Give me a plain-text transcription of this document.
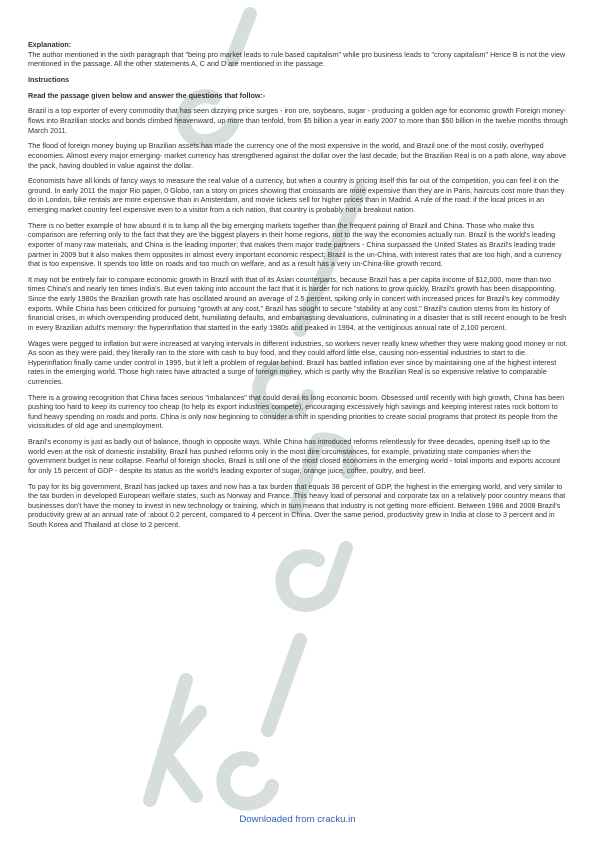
Explanation:

The author mentioned in the sixth paragraph that "being pro market leads to rule based capitalism" while pro business leads to "crony capitalism" Hence B is not the view mentioned in the passage. All the other statements A, C and D are mentioned in the passage.

Instructions

Read the passage given below and answer the questions that follow:-

Brazil is a top exporter of every commodity that has seen dizzying price surges - iron ore, soybeans, sugar - producing a golden age for economic growth Foreign money-flows into Brazilian stocks and bonds climbed heavenward, up more than tenfold, from $5 billion a year in early 2007 to more than $50 billion in the twelve months through March 2011.

The flood of foreign money buying up Brazilian assets has made the currency one of the most expensive in the world, and Brazil one of the most costly, overhyped economies. Almost every major emerging- market currency has strengthened against the dollar over the last decade, but the Brazilian Real is on a path alone, way above the pack, having doubled in value against the dollar.

Economists have all kinds of fancy ways to measure the real value of a currency, but when a country is pricing itself this far out of the competition, you can feel it on the ground. In early 2011 the major Rio paper, 0 Globo, ran a story on prices showing that croissants are more expensive than they are in Paris, haircuts cost more than they do in London, bike rentals are more expensive than in Amsterdam, and movie tickets sell for higher prices than in Madrid. A rule of the road: if the local prices in an emerging market country feel expensive even to a visitor from a rich nation, that country is probably not a breakout nation.

There is no better example of how absurd it is to lump all the big emerging markets together than the frequent pairing of Brazil and China. Those who make this comparison are referring only to the fact that they are the biggest players in their home regions, not to the way the economies actually run. Brazil is the world's leading exporter of many raw materials, and China is the leading importer; that makes them major trade partners - China surpassed the United States as Brazil's leading trade partner in 2009 but it also makes them opposites in almost every important economic respect: Brazil is the un-China, with interest rates that are too high, and a currency that is too expensive. It spends too little on roads and too much on welfare, and as a result has a very un-China-like growth record.

It may not be entirely fair to compare economic growth in Brazil with that of its Asian counterparts, because Brazil has a per capita income of $12,000, more than two times China's and nearly ten times India's. But even taking into account the fact that it is harder for rich nations to grow quickly, Brazil's growth has been disappointing. Since the early 1980s the Brazilian growth rate has oscillated around an average of 2.5 percent, spiking only in concert with increased prices for Brazil's key commodity exports. While China has been criticized for pursuing "growth at any cost," Brazil has sought to secure "stability at any cost." Brazil's caution stems from its history of financial crises, in which overspending produced debt, humiliating defaults, and embarrassing devaluations, culminating in a disaster that is still recent enough to be fresh in every Brazilian adult's memory: the hyperinflation that started in the early 1980s and peaked in 1994, at the vertiginous annual rate of 2,100 percent.

Wages were pegged to inflation but were increased at varying intervals in different industries, so workers never really knew whether they were making good money or not. As soon as they were paid, they literally ran to the store with cash to buy food, and they could afford little else, causing non-essential industries to start to die. Hyperinflation finally came under control in 1995, but it left a problem of regular behind. Brazil has battled inflation ever since by maintaining one of the highest interest rates in the emerging world. Those high rates have attracted a surge of foreign money, which is partly why the Brazilian Real is so expensive relative to comparable currencies.

There is a growing recognition that China faces serious "imbalances" that could derail its long economic boom. Obsessed until recently with high growth, China has been pushing too hard to keep its currency too cheap (to help its export industries compete), encouraging excessively high savings and keeping interest rates rock bottom to fund heavy spending on roads and ports. China is only now beginning to consider a shift in spending priorities to create social programs that protect its people from the vicissitudes of old age and unemployment.

Brazil's economy is just as badly out of balance, though in opposite ways. While China has introduced reforms relentlessly for three decades, opening itself up to the world even at the risk of domestic instability, Brazil has pushed reforms only in the most dire circumstances, for example, privatizing state companies when the government budget is near collapse. Fearful of foreign shocks, Brazil is still one of the most closed economies in the emerging world - total imports and exports account for only 15 percent of GDP - despite its status as the world's leading exporter of sugar, orange juice, coffee, poultry, and beef.

To pay for its big government, Brazil has jacked up taxes and now has a tax burden that equals 38 percent of GDP, the highest in the emerging world, and very similar to the tax burden in developed European welfare states, such as Norway and France. This heavy load of personal and corporate tax on a relatively poor country means that businesses don't have the money to invest in new technology or training, which in turn means that industry is not getting more efficient. Between 1986 and 2008 Brazil's productivity grew at an annual rate of :about 0.2 percent, compared to 4 percent in China. Over the same period, productivity grew in India at close to 3 percent and in South Korea and Thailand at close to 2 percent.

Downloaded from cracku.in
